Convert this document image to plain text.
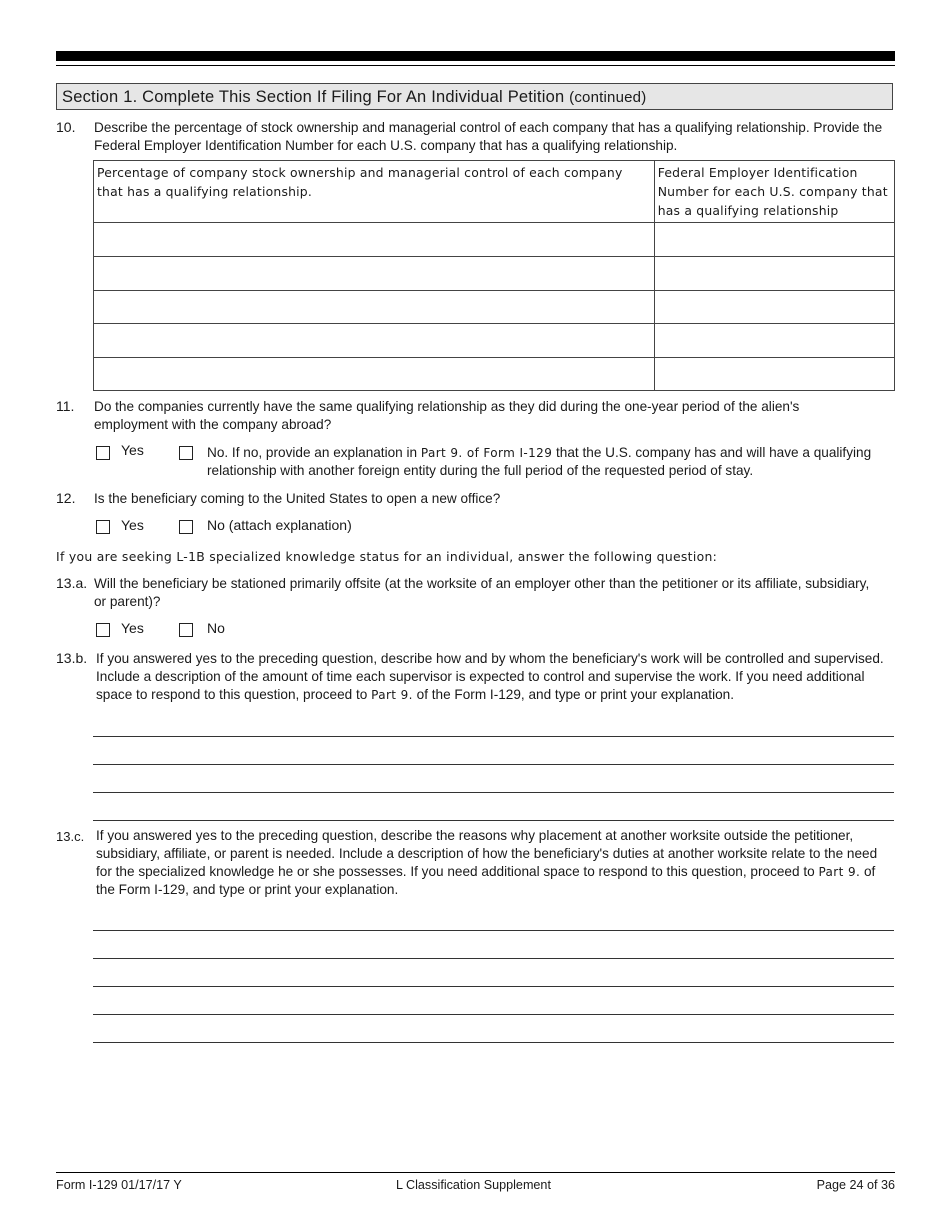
Section 1. Complete This Section If Filing For An Individual Petition (continued)
10. Describe the percentage of stock ownership and managerial control of each company that has a qualifying relationship. Provide the Federal Employer Identification Number for each U.S. company that has a qualifying relationship.
Percentage of company stock ownership and managerial control of each company that has a qualifying relationship.	Federal Employer Identification Number for each U.S. company that has a qualifying relationship

11. Do the companies currently have the same qualifying relationship as they did during the one-year period of the alien's employment with the company abroad?
Yes	No. If no, provide an explanation in Part 9. of Form I-129 that the U.S. company has and will have a qualifying relationship with another foreign entity during the full period of the requested period of stay.
12. Is the beneficiary coming to the United States to open a new office?
Yes	No (attach explanation)
If you are seeking L-1B specialized knowledge status for an individual, answer the following question:
13.a. Will the beneficiary be stationed primarily offsite (at the worksite of an employer other than the petitioner or its affiliate, subsidiary, or parent)?
Yes	No
13.b. If you answered yes to the preceding question, describe how and by whom the beneficiary's work will be controlled and supervised. Include a description of the amount of time each supervisor is expected to control and supervise the work. If you need additional space to respond to this question, proceed to Part 9. of the Form I-129, and type or print your explanation.
13.c. If you answered yes to the preceding question, describe the reasons why placement at another worksite outside the petitioner, subsidiary, affiliate, or parent is needed. Include a description of how the beneficiary's duties at another worksite relate to the need for the specialized knowledge he or she possesses. If you need additional space to respond to this question, proceed to Part 9. of the Form I-129, and type or print your explanation.
Form I-129 01/17/17 Y	L Classification Supplement	Page 24 of 36
